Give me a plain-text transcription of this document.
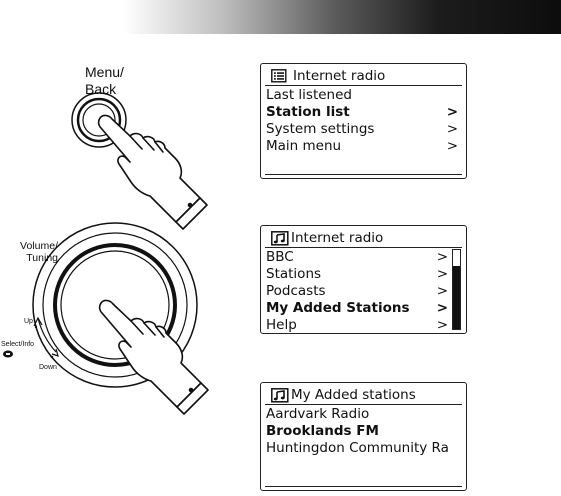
Menu/
Back
Volume/
Tuning
Up
Select/Info
Down
Internet radio
Last listened
Station list	>
System settings	>
Main menu	>
Internet radio
BBC	>
Stations	>
Podcasts	>
My Added Stations >
Help	>
My Added stations
Aardvark Radio
Brooklands FM
Huntingdon Community Ra
